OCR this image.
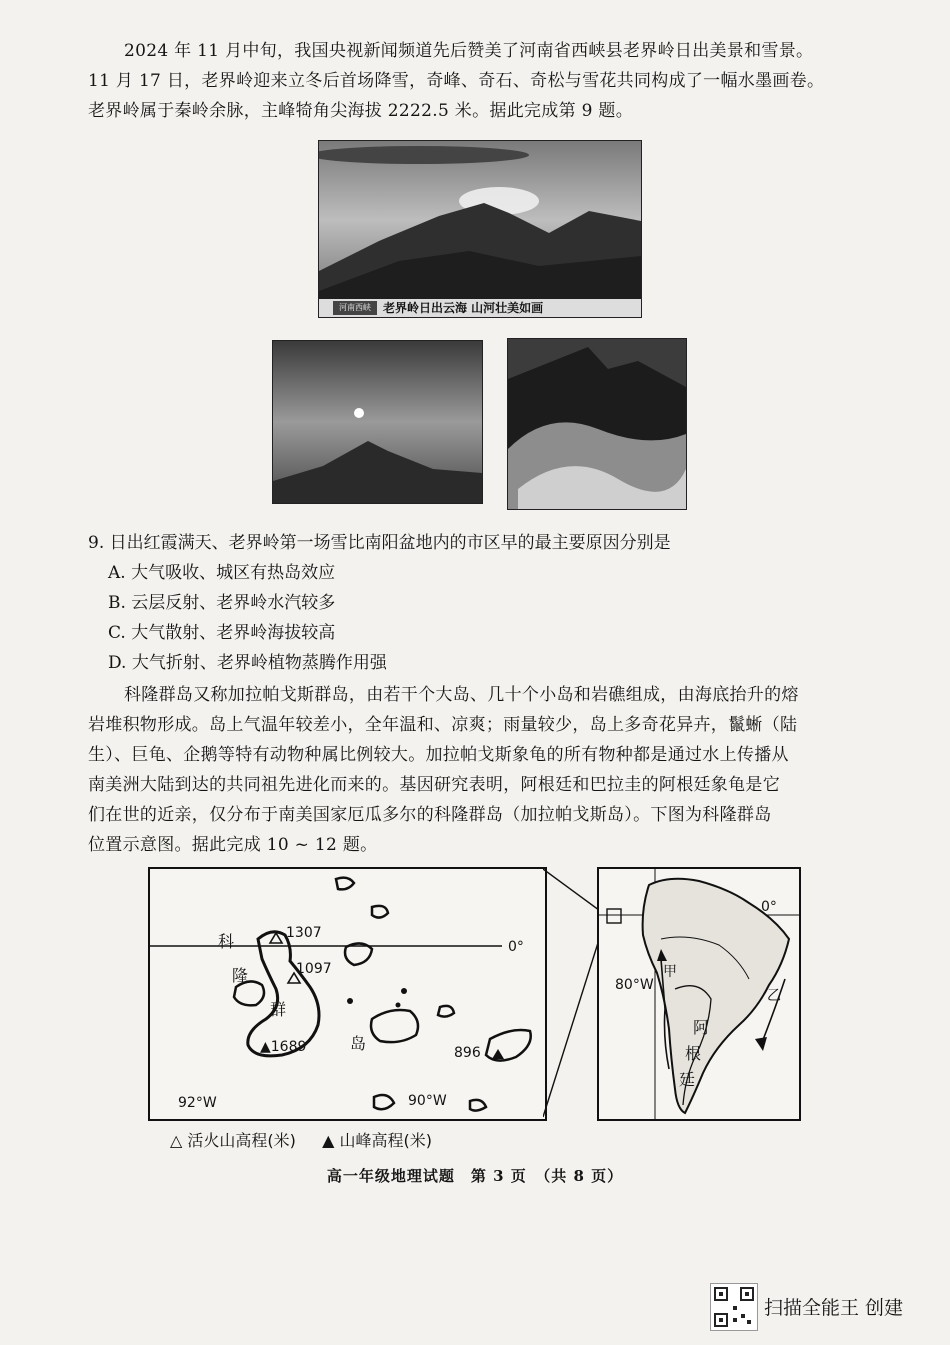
2024 年 11 月中旬，我国央视新闻频道先后赞美了河南省西峡县老界岭日出美景和雪景。
11 月 17 日，老界岭迎来立冬后首场降雪，奇峰、奇石、奇松与雪花共同构成了一幅水墨画卷。
老界岭属于秦岭余脉，主峰犄角尖海拔 2222.5 米。据此完成第 9 题。
河南西峡	老界岭日出云海 山河壮美如画
9. 日出红霞满天、老界岭第一场雪比南阳盆地内的市区早的最主要原因分别是
A. 大气吸收、城区有热岛效应
B. 云层反射、老界岭水汽较多
C. 大气散射、老界岭海拔较高
D. 大气折射、老界岭植物蒸腾作用强
科隆群岛又称加拉帕戈斯群岛，由若干个大岛、几十个小岛和岩礁组成，由海底抬升的熔
岩堆积物形成。岛上气温年较差小，全年温和、凉爽；雨量较少，岛上多奇花异卉，鬣蜥（陆
生）、巨龟、企鹅等特有动物种属比例较大。加拉帕戈斯象龟的所有物种都是通过水上传播从
南美洲大陆到达的共同祖先进化而来的。基因研究表明，阿根廷和巴拉圭的阿根廷象龟是它
们在世的近亲，仅分布于南美国家厄瓜多尔的科隆群岛（加拉帕戈斯岛）。下图为科隆群岛
位置示意图。据此完成 10 ~ 12 题。
科	1307
隆	1097
群
▲1689	岛	896
0°
92°W	90°W
0°
80°W
甲
乙
阿
根
廷
△ 活火山高程(米) ▲ 山峰高程(米)
高一年级地理试题　第 3 页　（共 8 页）
扫描全能王 创建
